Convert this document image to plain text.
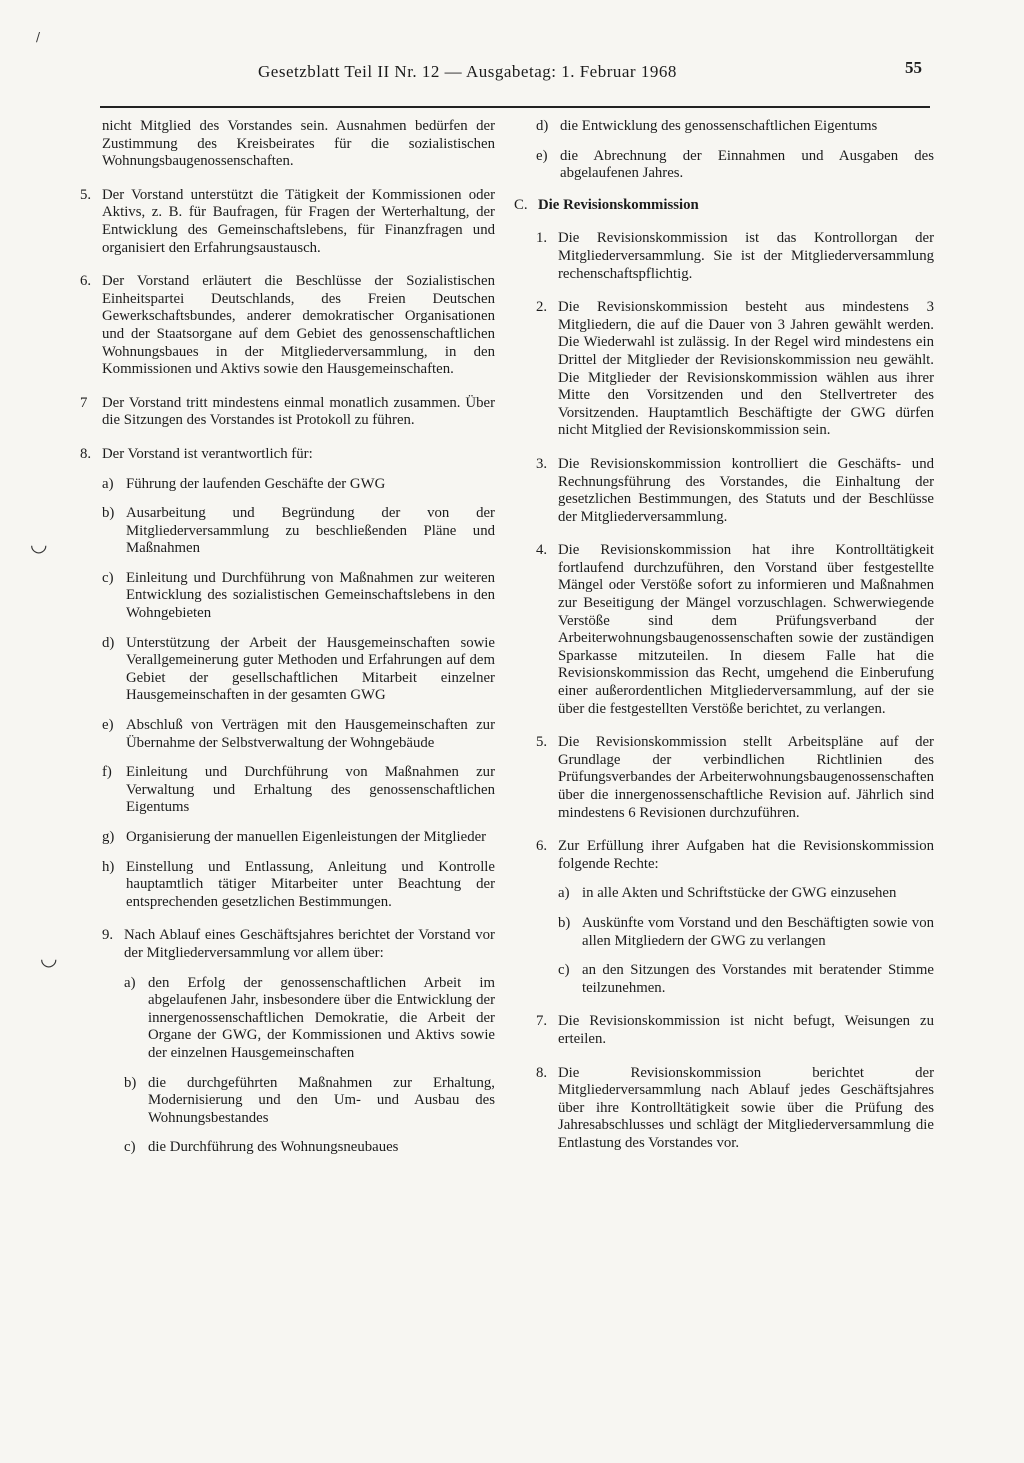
Gesetzblatt Teil II Nr. 12 — Ausgabetag: 1. Februar 1968	55
/
◡
◡

nicht Mitglied des Vorstandes sein. Ausnahmen bedürfen der Zustimmung des Kreisbeirates für die sozialistischen Wohnungsbaugenossenschaften.

5. Der Vorstand unterstützt die Tätigkeit der Kommissionen oder Aktivs, z. B. für Baufragen, für Fragen der Werterhaltung, der Entwicklung des Gemeinschaftslebens, für Finanzfragen und organisiert den Erfahrungsaustausch.
6. Der Vorstand erläutert die Beschlüsse der Sozialistischen Einheitspartei Deutschlands, des Freien Deutschen Gewerkschaftsbundes, anderer demokratischer Organisationen und der Staatsorgane auf dem Gebiet des genossenschaftlichen Wohnungsbaues in der Mitgliederversammlung, in den Kommissionen und Aktivs sowie den Hausgemeinschaften.
7 Der Vorstand tritt mindestens einmal monatlich zusammen. Über die Sitzungen des Vorstandes ist Protokoll zu führen.
8. Der Vorstand ist verantwortlich für:
a) Führung der laufenden Geschäfte der GWG
b) Ausarbeitung und Begründung der von der Mitgliederversammlung zu beschließenden Pläne und Maßnahmen
c) Einleitung und Durchführung von Maßnahmen zur weiteren Entwicklung des sozialistischen Gemeinschaftslebens in den Wohngebieten
d) Unterstützung der Arbeit der Hausgemeinschaften sowie Verallgemeinerung guter Methoden und Erfahrungen auf dem Gebiet der gesellschaftlichen Mitarbeit einzelner Hausgemeinschaften in der gesamten GWG
e) Abschluß von Verträgen mit den Hausgemeinschaften zur Übernahme der Selbstverwaltung der Wohngebäude
f) Einleitung und Durchführung von Maßnahmen zur Verwaltung und Erhaltung des genossenschaftlichen Eigentums
g) Organisierung der manuellen Eigenleistungen der Mitglieder
h) Einstellung und Entlassung, Anleitung und Kontrolle hauptamtlich tätiger Mitarbeiter unter Beachtung der entsprechenden gesetzlichen Bestimmungen.
9. Nach Ablauf eines Geschäftsjahres berichtet der Vorstand vor der Mitgliederversammlung vor allem über:
a) den Erfolg der genossenschaftlichen Arbeit im abgelaufenen Jahr, insbesondere über die Entwicklung der innergenossenschaftlichen Demokratie, die Arbeit der Organe der GWG, der Kommissionen und Aktivs sowie der einzelnen Hausgemeinschaften
b) die durchgeführten Maßnahmen zur Erhaltung, Modernisierung und den Um- und Ausbau des Wohnungsbestandes
c) die Durchführung des Wohnungsneubaues
d) die Entwicklung des genossenschaftlichen Eigentums
e) die Abrechnung der Einnahmen und Ausgaben des abgelaufenen Jahres.
C. Die Revisionskommission
1. Die Revisionskommission ist das Kontrollorgan der Mitgliederversammlung. Sie ist der Mitgliederversammlung rechenschaftspflichtig.
2. Die Revisionskommission besteht aus mindestens 3 Mitgliedern, die auf die Dauer von 3 Jahren gewählt werden. Die Wiederwahl ist zulässig. In der Regel wird mindestens ein Drittel der Mitglieder der Revisionskommission neu gewählt. Die Mitglieder der Revisionskommission wählen aus ihrer Mitte den Vorsitzenden und den Stellvertreter des Vorsitzenden. Hauptamtlich Beschäftigte der GWG dürfen nicht Mitglied der Revisionskommission sein.
3. Die Revisionskommission kontrolliert die Geschäfts- und Rechnungsführung des Vorstandes, die Einhaltung der gesetzlichen Bestimmungen, des Statuts und der Beschlüsse der Mitgliederversammlung.
4. Die Revisionskommission hat ihre Kontrolltätigkeit fortlaufend durchzuführen, den Vorstand über festgestellte Mängel oder Verstöße sofort zu informieren und Maßnahmen zur Beseitigung der Mängel vorzuschlagen. Schwerwiegende Verstöße sind dem Prüfungsverband der Arbeiterwohnungsbaugenossenschaften sowie der zuständigen Sparkasse mitzuteilen. In diesem Falle hat die Revisionskommission das Recht, umgehend die Einberufung einer außerordentlichen Mitgliederversammlung, auf der sie über die festgestellten Verstöße berichtet, zu verlangen.
5. Die Revisionskommission stellt Arbeitspläne auf der Grundlage der verbindlichen Richtlinien des Prüfungsverbandes der Arbeiterwohnungsbaugenossenschaften über die innergenossenschaftliche Revision auf. Jährlich sind mindestens 6 Revisionen durchzuführen.
6. Zur Erfüllung ihrer Aufgaben hat die Revisionskommission folgende Rechte:
a) in alle Akten und Schriftstücke der GWG einzusehen
b) Auskünfte vom Vorstand und den Beschäftigten sowie von allen Mitgliedern der GWG zu verlangen
c) an den Sitzungen des Vorstandes mit beratender Stimme teilzunehmen.
7. Die Revisionskommission ist nicht befugt, Weisungen zu erteilen.
8. Die Revisionskommission berichtet der Mitgliederversammlung nach Ablauf jedes Geschäftsjahres über ihre Kontrolltätigkeit sowie über die Prüfung des Jahresabschlusses und schlägt der Mitgliederversammlung die Entlastung des Vorstandes vor.
